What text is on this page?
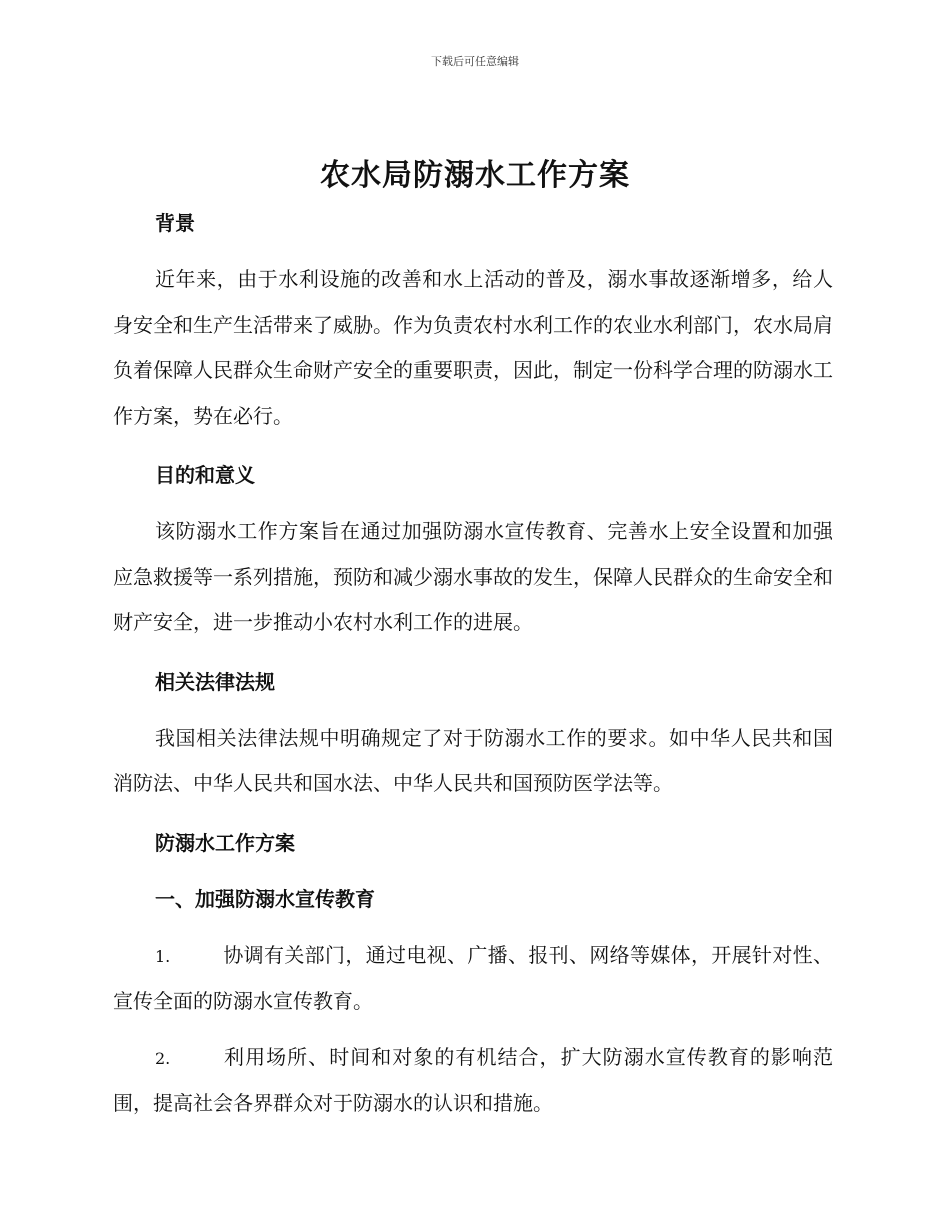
下载后可任意编辑
农水局防溺水工作方案

背景

近年来，由于水利设施的改善和水上活动的普及，溺水事故逐渐增多，给人身安全和生产生活带来了威胁。作为负责农村水利工作的农业水利部门，农水局肩负着保障人民群众生命财产安全的重要职责，因此，制定一份科学合理的防溺水工作方案，势在必行。

目的和意义

该防溺水工作方案旨在通过加强防溺水宣传教育、完善水上安全设置和加强应急救援等一系列措施，预防和减少溺水事故的发生，保障人民群众的生命安全和财产安全，进一步推动小农村水利工作的进展。

相关法律法规

我国相关法律法规中明确规定了对于防溺水工作的要求。如中华人民共和国消防法、中华人民共和国水法、中华人民共和国预防医学法等。

防溺水工作方案

一、加强防溺水宣传教育

1.	协调有关部门，通过电视、广播、报刊、网络等媒体，开展针对性、宣传全面的防溺水宣传教育。

2.	利用场所、时间和对象的有机结合，扩大防溺水宣传教育的影响范围，提高社会各界群众对于防溺水的认识和措施。
